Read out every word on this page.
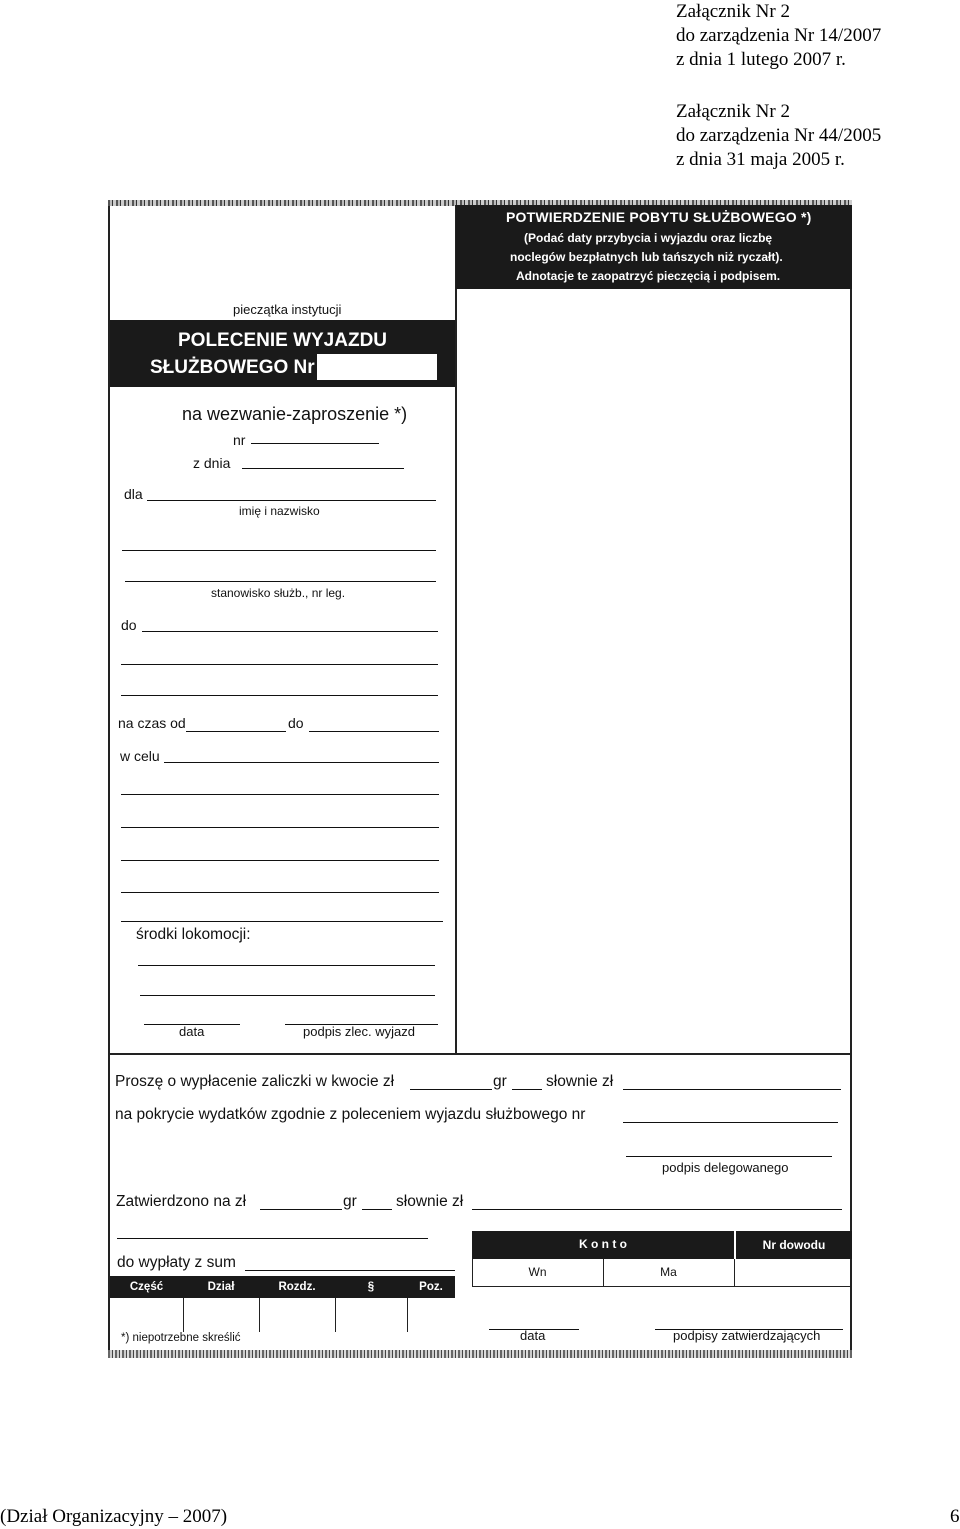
Załącznik Nr 2
do zarządzenia Nr 14/2007
z dnia 1 lutego 2007 r.
Załącznik Nr 2
do zarządzenia Nr 44/2005
z dnia 31 maja 2005 r.
POTWIERDZENIE POBYTU SŁUŻBOWEGO *)
(Podać daty przybycia i wyjazdu oraz liczbę
noclegów bezpłatnych lub tańszych niż ryczałt).
Adnotacje te zaopatrzyć pieczęcią i podpisem.
pieczątka instytucji
POLECENIE WYJAZDU
SŁUŻBOWEGO Nr
na wezwanie-zaproszenie *)
nr
z dnia
dla
imię i nazwisko
stanowisko służb., nr leg.
do
na czas od	do
w celu
środki lokomocji:
data	podpis zlec. wyjazd
Proszę o wypłacenie zaliczki w kwocie zł	gr	słownie zł
na pokrycie wydatków zgodnie z poleceniem wyjazdu służbowego nr
podpis delegowanego
Zatwierdzono na zł	gr	słownie zł
do wypłaty z sum
Część	Dział	Rozdz.	§	Poz.
K o n t o	Nr dowodu
Wn	Ma
*) niepotrzebne skreślić	data	podpisy zatwierdzających
(Dział Organizacyjny – 2007)	6
